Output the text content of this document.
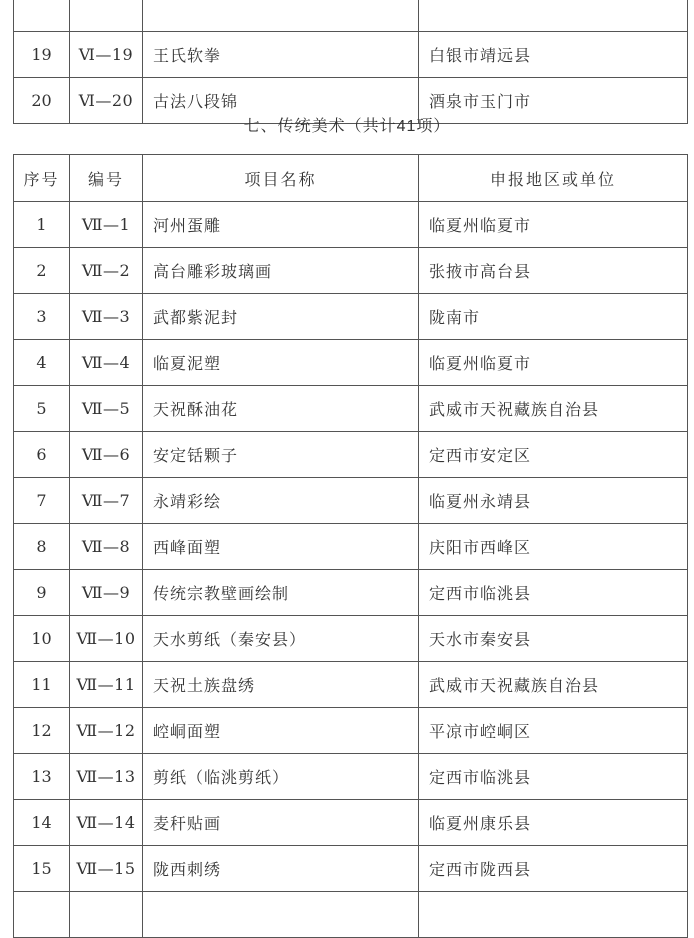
19	Ⅵ—19	王氏软拳	白银市靖远县
20	Ⅵ—20	古法八段锦	酒泉市玉门市
七、传统美术（共计41项）
序号	编号	项目名称	申报地区或单位
1	Ⅶ—1	河州蛋雕	临夏州临夏市
2	Ⅶ—2	高台雕彩玻璃画	张掖市高台县
3	Ⅶ—3	武都紫泥封	陇南市
4	Ⅶ—4	临夏泥塑	临夏州临夏市
5	Ⅶ—5	天祝酥油花	武威市天祝藏族自治县
6	Ⅶ—6	安定铦颗子	定西市安定区
7	Ⅶ—7	永靖彩绘	临夏州永靖县
8	Ⅶ—8	西峰面塑	庆阳市西峰区
9	Ⅶ—9	传统宗教壁画绘制	定西市临洮县
10	Ⅶ—10	天水剪纸（秦安县）	天水市秦安县
11	Ⅶ—11	天祝土族盘绣	武威市天祝藏族自治县
12	Ⅶ—12	崆峒面塑	平凉市崆峒区
13	Ⅶ—13	剪纸（临洮剪纸）	定西市临洮县
14	Ⅶ—14	麦秆贴画	临夏州康乐县
15	Ⅶ—15	陇西刺绣	定西市陇西县
